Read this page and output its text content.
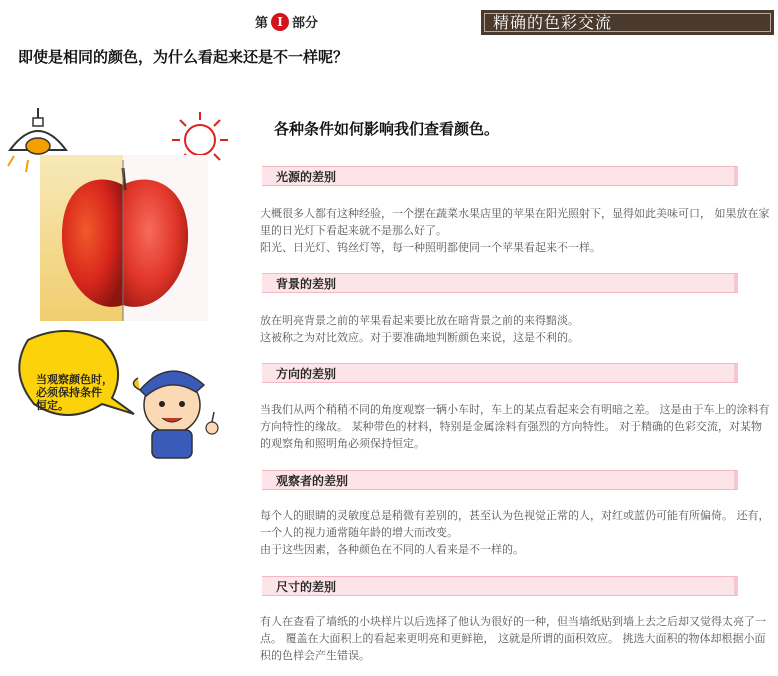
第 I 部分	精确的色彩交流
即使是相同的颜色，为什么看起来还是不一样呢？
各种条件如何影响我们查看颜色。
当观察颜色时，
必须保持条件
恒定。
光源的差别

大概很多人都有这种经验，一个摆在蔬菜水果店里的苹果在阳光照射下，显得如此美味可口， 如果放在家里的日光灯下看起来就不是那么好了。

阳光、日光灯、钨丝灯等，每一种照明都使同一个苹果看起来不一样。

背景的差别

放在明亮背景之前的苹果看起来要比放在暗背景之前的来得黯淡。

这被称之为对比效应。对于要准确地判断颜色来说，这是不利的。

方向的差别

当我们从两个稍稍不同的角度观察一辆小车时，车上的某点看起来会有明暗之差。 这是由于车上的涂料有方向特性的缘故。 某种带色的材料，特别是金属涂料有强烈的方向特性。 对于精确的色彩交流，对某物的观察角和照明角必须保持恒定。

观察者的差别

每个人的眼睛的灵敏度总是稍微有差别的，甚至认为色视觉正常的人，对红或蓝仍可能有所偏倚。 还有，一个人的视力通常随年龄的增大而改变。

由于这些因素，各种颜色在不同的人看来是不一样的。

尺寸的差别

有人在查看了墙纸的小块样片以后选择了他认为很好的一种，但当墙纸贴到墙上去之后却又觉得太亮了一点。 覆盖在大面积上的看起来更明亮和更鲜艳， 这就是所谓的面积效应。 挑选大面积的物体却根据小面积的色样会产生错误。
